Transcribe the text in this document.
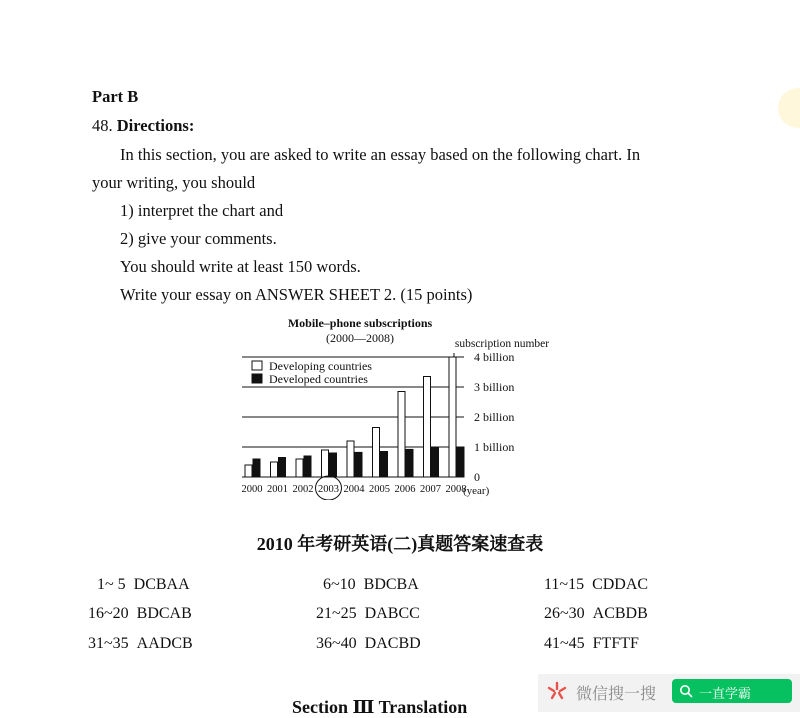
Part B
48. Directions:
In this section, you are asked to write an essay based on the following chart. In
your writing, you should
1) interpret the chart and
2) give your comments.
You should write at least 150 words.
Write your essay on ANSWER SHEET 2. (15 points)
Mobile–phone subscriptions
(2000—2008)	subscription number
0
1 billion
2 billion
3 billion
4 billion
2000 2001 2002 2003 2004 2005 2006 2007 2008
(year)
Developing countries
Developed countries
2010 年考研英语(二)真题答案速查表
1~ 5 DCBAA	6~10 BDCBA	11~15 CDDAC
16~20 BDCAB	21~25 DABCC	26~30 ACBDB
31~35 AADCB	36~40 DACBD	41~45 FTFTF
Section Ⅲ Translation
微信搜一搜	一直学霸
